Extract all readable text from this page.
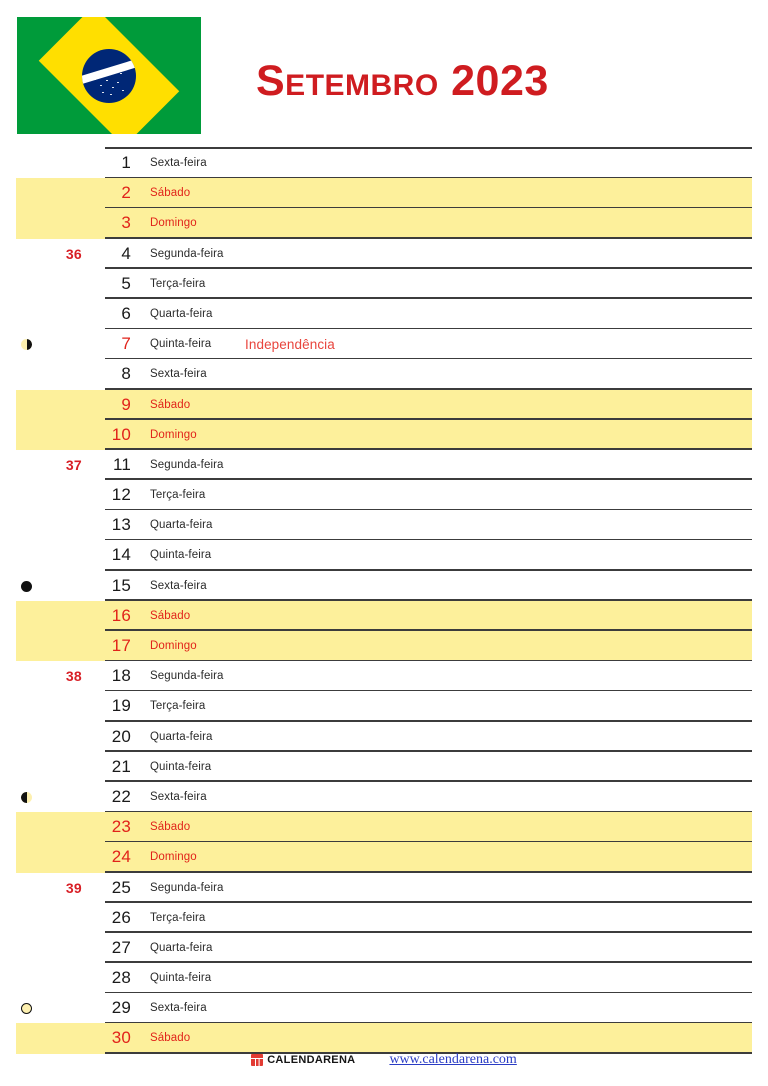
Setembro 2023
1 Sexta-feira
2 Sábado
3 Domingo
36	4 Segunda-feira
5 Terça-feira
6 Quarta-feira
7 Quinta-feira Independência
8 Sexta-feira
9 Sábado
10 Domingo
37	11 Segunda-feira
12 Terça-feira
13 Quarta-feira
14 Quinta-feira
15 Sexta-feira
16 Sábado
17 Domingo
38	18 Segunda-feira
19 Terça-feira
20 Quarta-feira
21 Quinta-feira
22 Sexta-feira
23 Sábado
24 Domingo
39	25 Segunda-feira
26 Terça-feira
27 Quarta-feira
28 Quinta-feira
29 Sexta-feira
30 Sábado
CALENDARENA www.calendarena.com
